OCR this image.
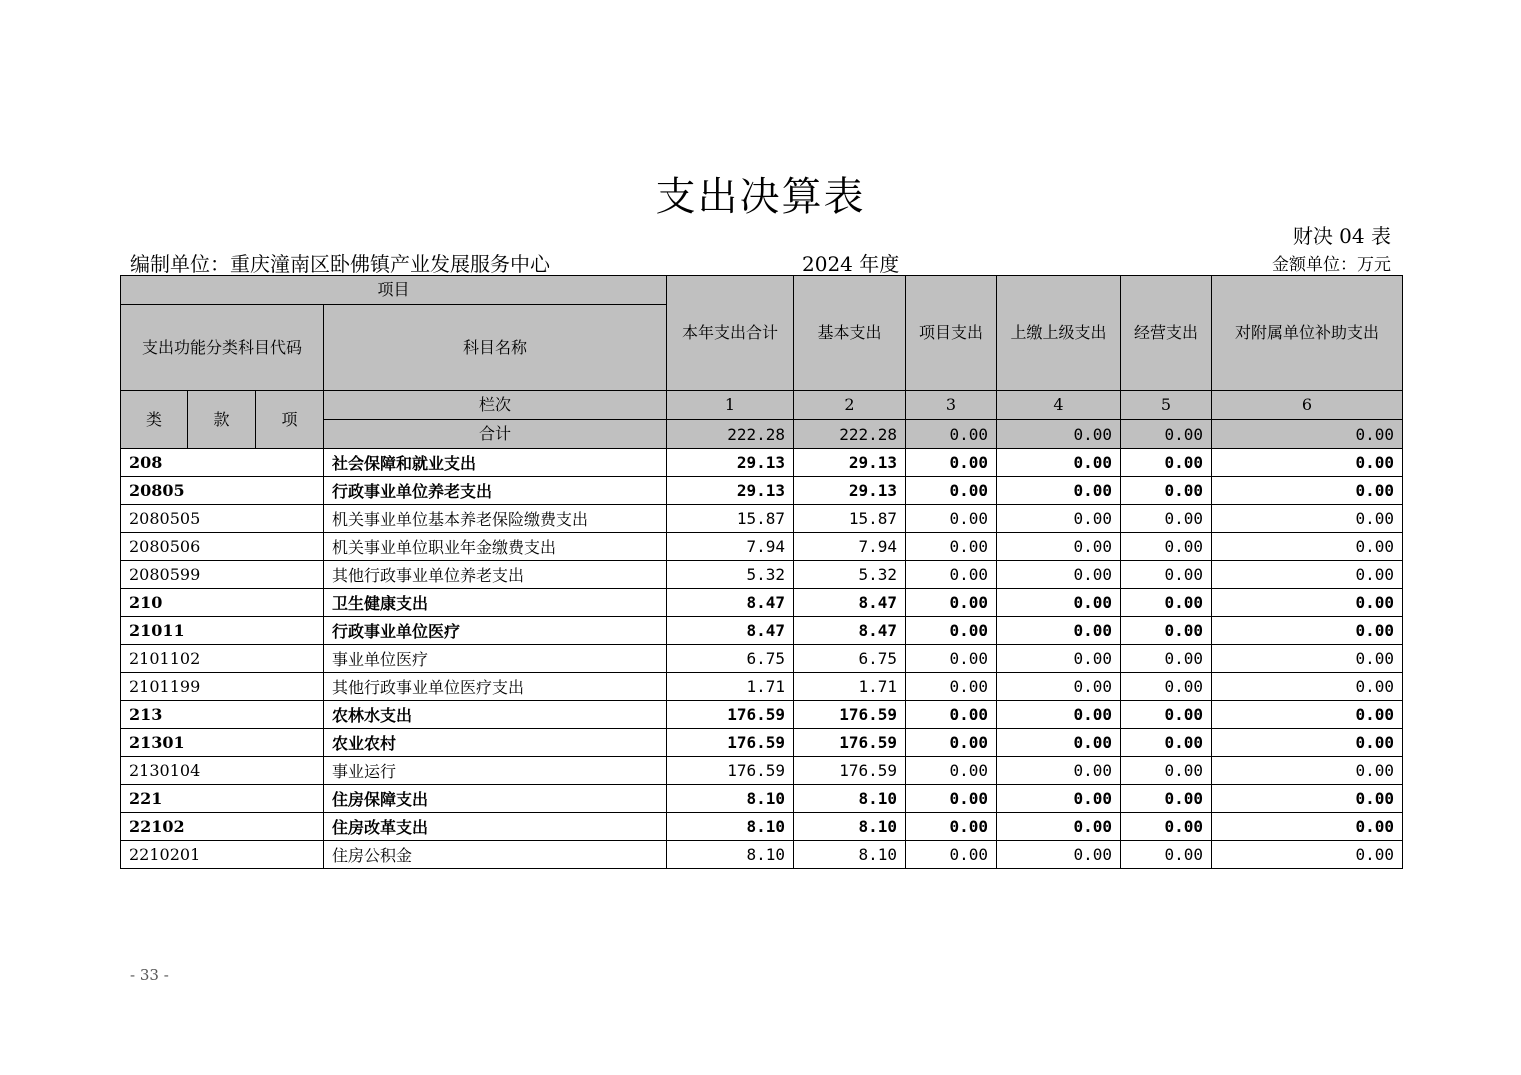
支出决算表
财决 04 表
编制单位：重庆潼南区卧佛镇产业发展服务中心	2024 年度	金额单位：万元
项目				本年支出合计	基本支出	项目支出	上缴上级支出	经营支出	对附属单位补助支出
支出功能分类科目代码			科目名称						
类	款	项	栏次	1	2	3	4	5	6
			合计	222.28	222.28	0.00	0.00	0.00	0.00
208			社会保障和就业支出	29.13	29.13	0.00	0.00	0.00	0.00
20805			行政事业单位养老支出	29.13	29.13	0.00	0.00	0.00	0.00
2080505			机关事业单位基本养老保险缴费支出	15.87	15.87	0.00	0.00	0.00	0.00
2080506			机关事业单位职业年金缴费支出	7.94	7.94	0.00	0.00	0.00	0.00
2080599			其他行政事业单位养老支出	5.32	5.32	0.00	0.00	0.00	0.00
210			卫生健康支出	8.47	8.47	0.00	0.00	0.00	0.00
21011			行政事业单位医疗	8.47	8.47	0.00	0.00	0.00	0.00
2101102			事业单位医疗	6.75	6.75	0.00	0.00	0.00	0.00
2101199			其他行政事业单位医疗支出	1.71	1.71	0.00	0.00	0.00	0.00
213			农林水支出	176.59	176.59	0.00	0.00	0.00	0.00
21301			农业农村	176.59	176.59	0.00	0.00	0.00	0.00
2130104			事业运行	176.59	176.59	0.00	0.00	0.00	0.00
221			住房保障支出	8.10	8.10	0.00	0.00	0.00	0.00
22102			住房改革支出	8.10	8.10	0.00	0.00	0.00	0.00
2210201			住房公积金	8.10	8.10	0.00	0.00	0.00	0.00
- 33 -
